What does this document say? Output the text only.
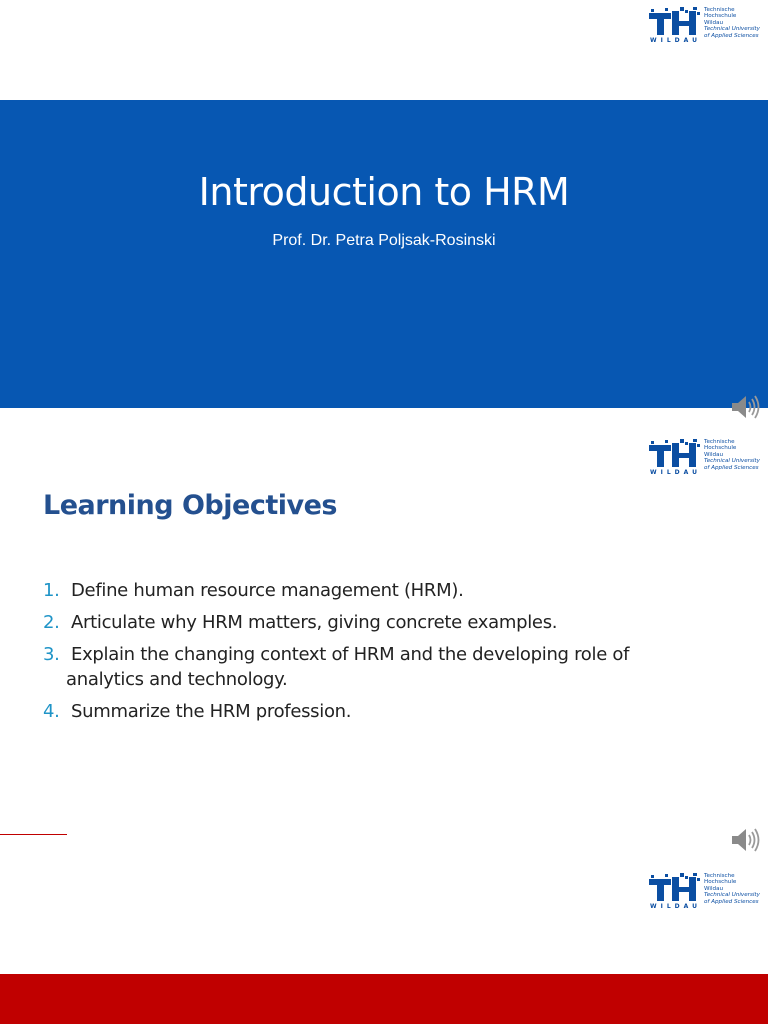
WILDAU
Technische
Hochschule
Wildau
Technical University
of Applied Sciences
Introduction to HRM
Prof. Dr. Petra Poljsak-Rosinski
WILDAU
Technische
Hochschule
Wildau
Technical University
of Applied Sciences
Learning Objectives
1. Define human resource management (HRM).
2. Articulate why HRM matters, giving concrete examples.
3. Explain the changing context of HRM and the developing role of analytics and technology.
4. Summarize the HRM profession.
WILDAU
Technische
Hochschule
Wildau
Technical University
of Applied Sciences
